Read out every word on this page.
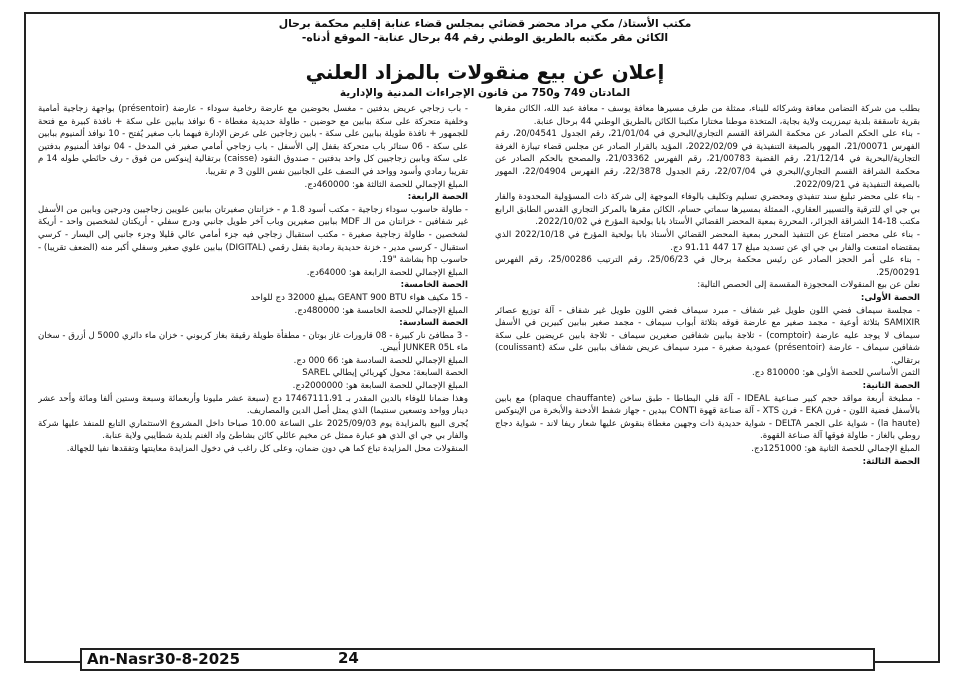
مكتب الأستاذ/ مكي مراد محضر قضائي بمجلس قضاء عنابة إقليم محكمة برحال

الكائن مقر مكتبه بالطريق الوطني رقم 44 برحال عنابة- الموقع أدناه-

إعلان عن بيع منقولات بالمزاد العلني
المادتان 749 و750 من قانون الإجراءات المدنية والإدارية

بطلب من شركة التضامن معافة وشركائه للبناء، ممثلة من طرف مسيرها معافة يوسف - معافة عبد الله، الكائن مقرها بقرية تاسقفة بلدية تيمزريت ولاية بجاية، المتخذة موطنا مختارا مكتبنا الكائن بالطريق الوطني 44 برحال عنابة.

- بناء على الحكم الصادر عن محكمة الشراقة القسم التجاري/البحري في 21/01/04، رقم الجدول 20/04541، رقم الفهرس 21/00071، المهور بالصيغة التنفيذية في 2022/02/09، المؤيد بالقرار الصادر عن مجلس قضاء تيبازة الغرفة التجارية/البحرية في 21/12/14، رقم القضية 21/00783، رقم الفهرس 21/03362، والمصحح بالحكم الصادر عن محكمة الشراقة القسم التجاري/البحري في 22/07/04، رقم الجدول 22/3878، رقم الفهرس 22/04904، المهور بالصيغة التنفيذية في 2022/09/21.

- بناء على محضر تبليغ سند تنفيذي ومحضري تسليم وتكليف بالوفاء الموجهة إلى شركة ذات المسؤولية المحدودة والفار بي جي اي للترقية والتسيير العقاري، الممثلة بمسيرها سماتي حسام، الكائن مقرها بالمركز التجاري القدس الطابق الرابع مكتب 18-14 الشراقة الجزائر، المحررة بمعية المحضر القضائي الأستاذ بابا بولحية المؤرخ في 2022/10/02.

- بناء على محضر امتناع عن التنفيذ المحرر بمعية المحضر القضائي الأستاذ بابا بولحية المؤرخ في 2022/10/18 الذي بمقتضاه امتنعت والفار بي جي اي عن تسديد مبلغ 17 447 91،11 دج.

- بناء على أمر الحجز الصادر عن رئيس محكمة برحال في 25/06/23، رقم الترتيب 25/00286، رقم الفهرس 25/00291.

نعلن عن بيع المنقولات المحجوزة المقسمة إلى الحصص التالية:

الحصة الأولى:

- مجلسة سيماف فضي اللون طويل غير شفاف - مبرد سيماف فضي اللون طويل غير شفاف - آلة توزيع عصائر SAMIXIR بثلاثة أوعية - مجمد صغير مع عارضة فوقه بثلاثة أبواب سيماف - مجمد صغير ببابين كبيرين في الأسفل سيماف لا يوجد عليه عارضة (comptoir) - ثلاجة ببابين شفافين صغيرين سيماف - ثلاجة بابين عريضين على سكة شفافين سيماف - عارضة (présentoir) عمودية صغيرة - مبرد سيماف عريض شفاف ببابين على سكة (coulissant) برتقالي.

الثمن الأساسي للحصة الأولى هو: 810000 دج.

الحصة الثانية:

- مطبخة أربعة مواقد حجم كبير صناعية IDEAL - آلة قلي البطاطا - طبق ساخن (plaque chauffante) مع بابين بالأسفل فضية اللون - فرن EKA - فرن XTS - آلة صناعة قهوة CONTI بيدين - جهاز شفط الأدخنة والأبخرة من الإينوكس (la haute) - شواية على الجمر DELTA - شواية حديدية ذات وجهين مغطاة بنقوش عليها شعار ريفا لاند - شواية دجاج روطي بالغاز - طاولة فوقها آلة صناعة القهوة.

المبلغ الإجمالي للحصة الثانية هو: 1251000دج.

الحصة الثالثة:

- باب زجاجي عريض بدفتين - مغسل بحوضين مع عارضة رخامية سوداء - عارضة (présentoir) بواجهة زجاجية أمامية وخلفية متحركة على سكة ببابين مع حوضين - طاولة حديدية مغطاة - 6 نوافذ ببابين على سكة + نافذة كبيرة مع فتحة للجمهور + نافذة طويلة ببابين على سكة - بابين زجاجين على عرض الإدارة فيهما باب صغير يُفتح - 10 نوافذ ألمنيوم ببابين على سكة - 06 ستائر باب متحركة بقفل إلى الأسفل - باب زجاجي أمامي صغير في المدخل - 04 نوافذ ألمنيوم بدفتين على سكة وبابين زجاجيين كل واحد بدفتين - صندوق النقود (caisse) برتقالية إينوكس من فوق - رف حائطي طوله 14 م تقريبا رمادي وأسود وواحد في النصف على الجانبين نفس اللون 3 م تقريبا.

المبلغ الإجمالي للحصة الثالثة هو: 460000دج.

الحصة الرابعة:

- طاولة حاسوب سوداء زجاجية - مكتب أسود 1.8 م - خزانتان صغيرتان ببابين علويين زجاجيين ودرجين وبابين من الأسفل غير شفافين - خزانتان من الـ MDF ببابين صغيرين وباب آخر طويل جانبي ودرج سفلي - أريكتان لشخصين واحد - أريكة لشخصين - طاولة زجاجية صغيرة - مكتب استقبال زجاجي فيه جزء أمامي عالي قليلا وجزء جانبي إلى اليسار - كرسي استقبال - كرسي مدير - خزنة حديدية رمادية بقفل رقمي (DIGITAL) ببابين علوي صغير وسفلي أكبر منه (الضعف تقريبا) - حاسوب hp بشاشة "19.

المبلغ الإجمالي للحصة الرابعة هو: 64000دج.

الحصة الخامسة:

- 15 مكيف هواء GEANT 900 BTU بمبلغ 32000 دج للواحد

المبلغ الإجمالي للحصة الخامسة هو: 480000دج.

الحصة السادسة:

- 3 مطافئ نار كبيرة - 08 قارورات غاز بوتان - مطفأة طويلة رقيقة بغاز كربوني - خزان ماء دائري 5000 ل أزرق - سخان ماء JUNKER 05L أبيض.

المبلغ الإجمالي للحصة السادسة هو: 66 000 دج.

الحصة السابعة: محول كهربائي إيطالي SAREL

المبلغ الإجمالي للحصة السابعة هو: 2000000دج.

وهذا ضمانا للوفاء بالدين المقدر بـ 17467111،91 دج (سبعة عشر مليونا وأربعمائة وسبعة وستين ألفا ومائة وأحد عشر دينار وواحد وتسعين سنتيما) الذي يمثل أصل الدين والمصاريف.

يُجرى البيع بالمزايدة يوم 2025/09/03 على الساعة 10.00 صباحا داخل المشروع الاستثماري التابع للمنفذ عليها شركة والفار بي جي اي الذي هو عبارة ممثل عن مخيم عائلي كائن بشاطئ واد الغنم بلدية شطايبي ولاية عنابة.

المنقولات محل المزايدة تباع كما هي دون ضمان، وعلى كل راغب في دخول المزايدة معاينتها وتفقدها نفيا للجهالة.

An-Nasr30-8-2025	24
